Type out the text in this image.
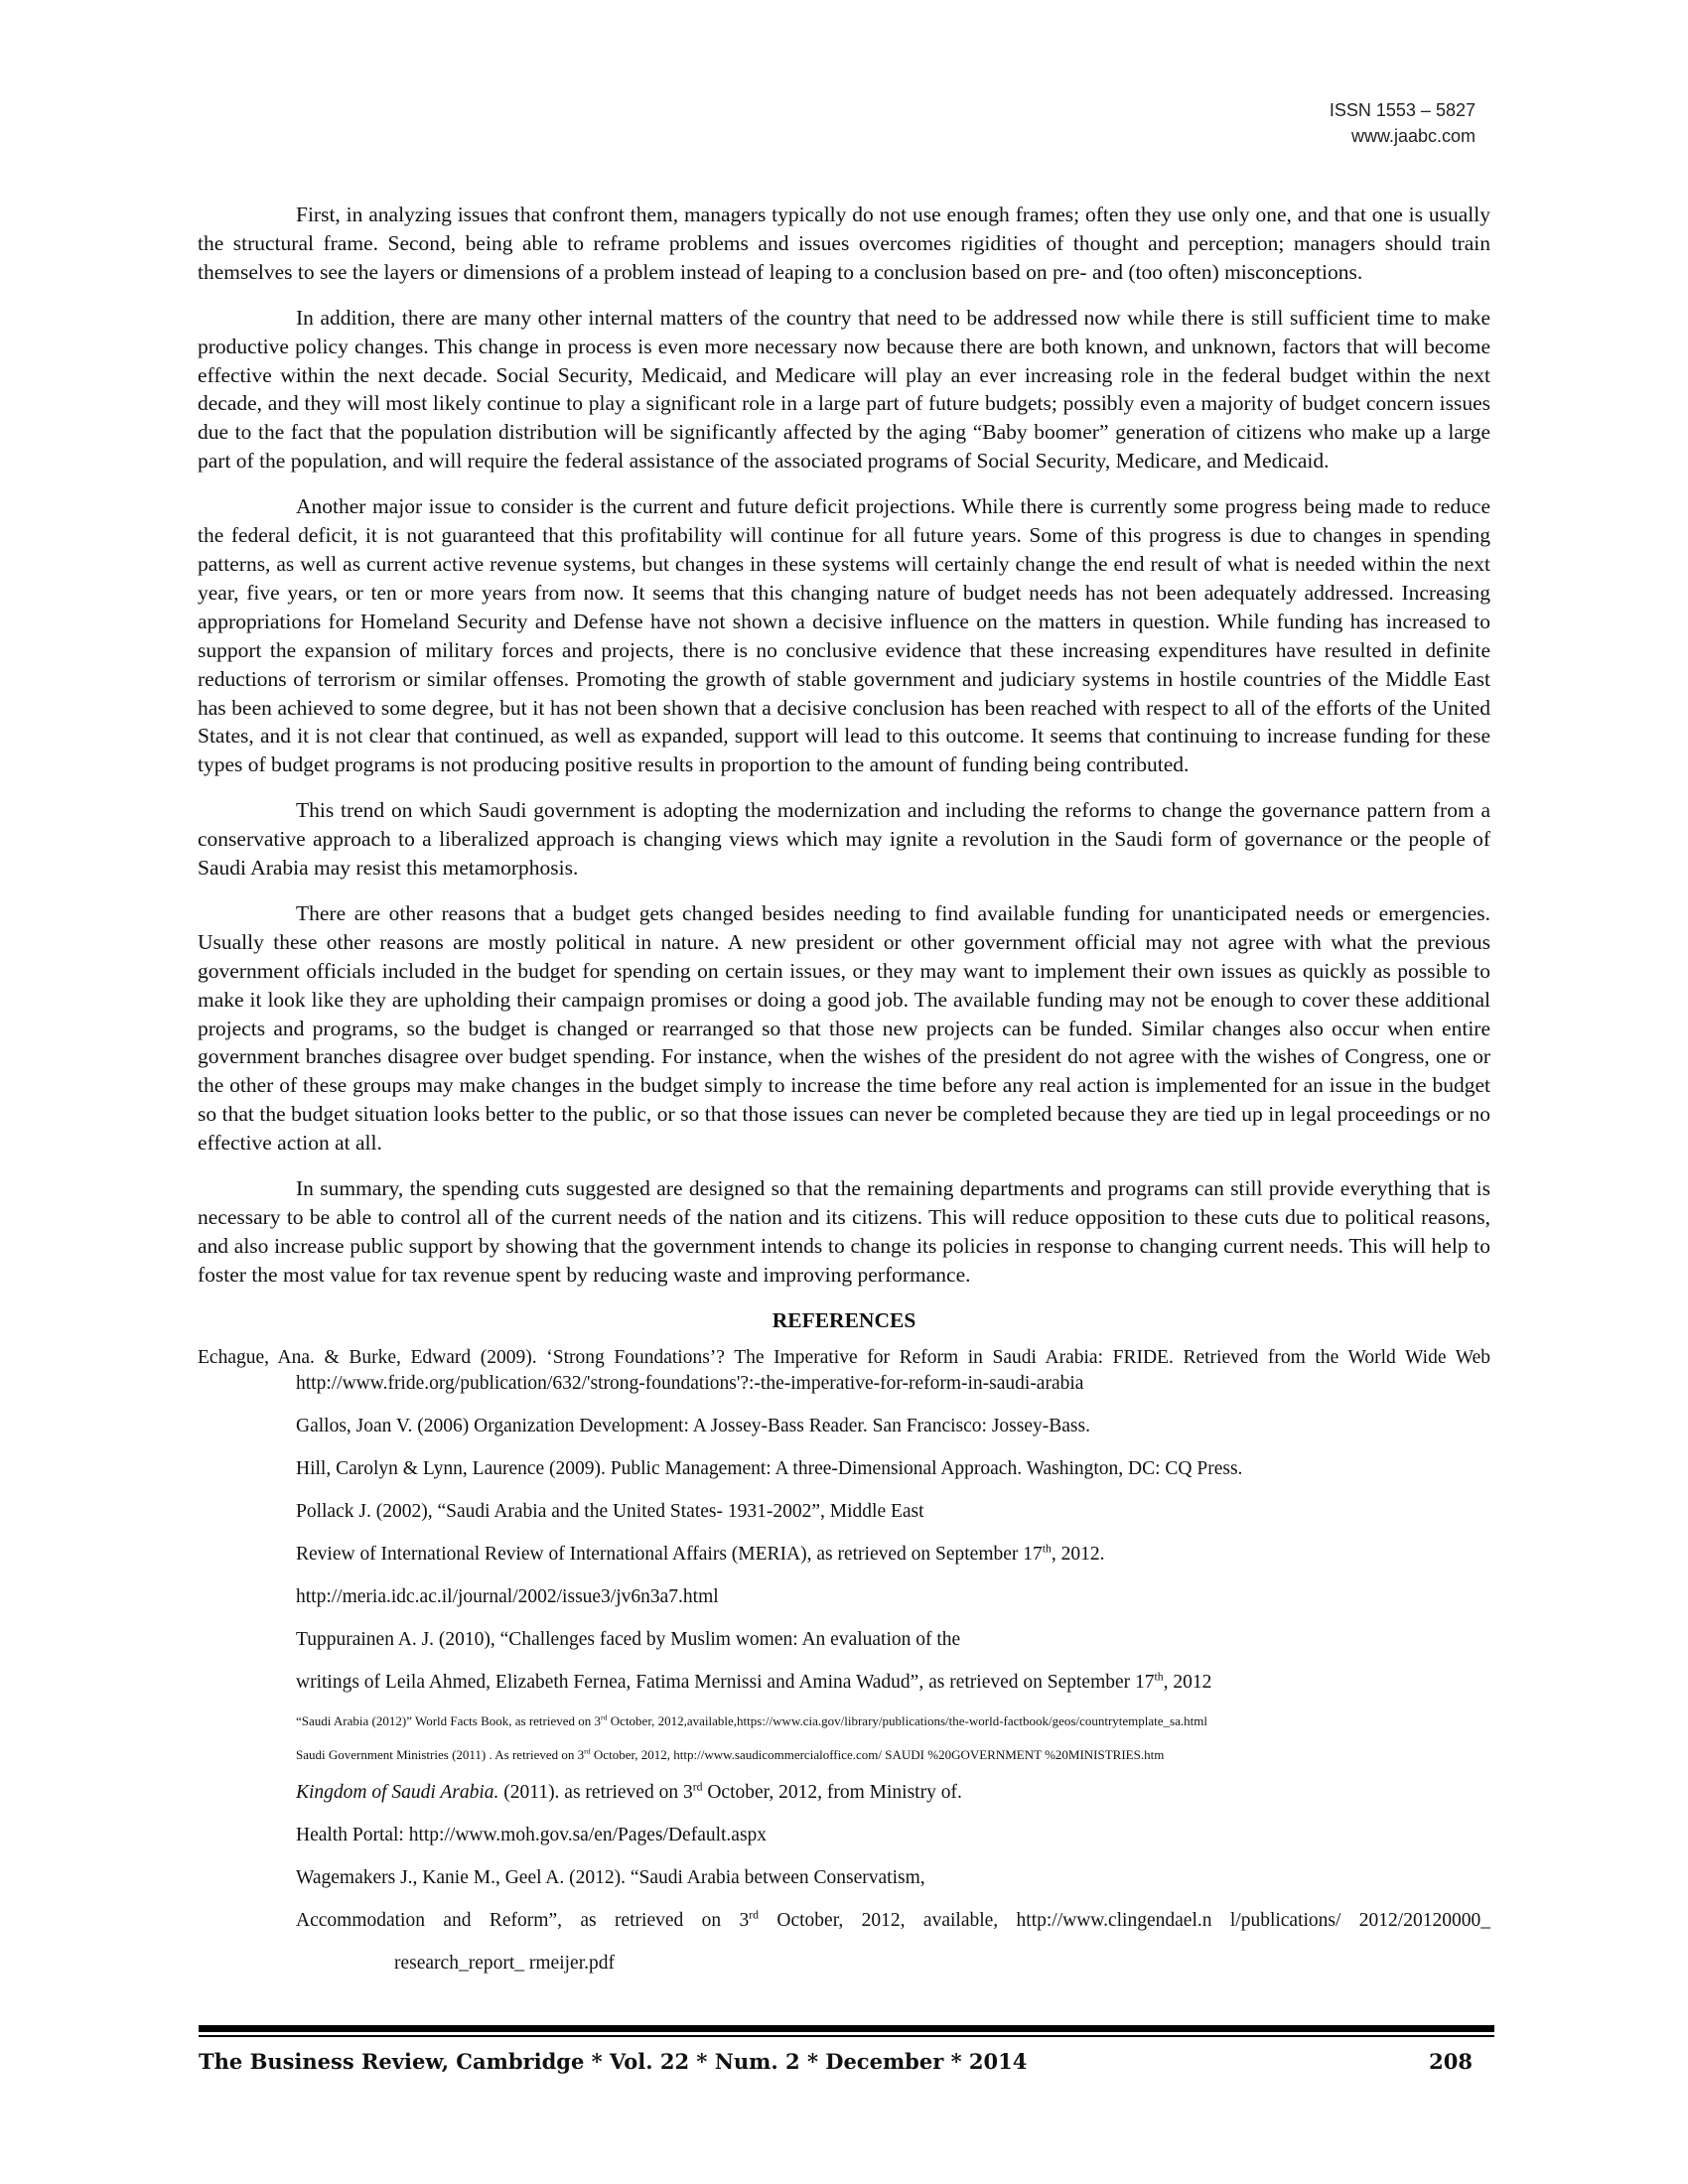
ISSN 1553 – 5827
www.jaabc.com

First, in analyzing issues that confront them, managers typically do not use enough frames; often they use only one, and that one is usually the structural frame. Second, being able to reframe problems and issues overcomes rigidities of thought and perception; managers should train themselves to see the layers or dimensions of a problem instead of leaping to a conclusion based on pre- and (too often) misconceptions.

In addition, there are many other internal matters of the country that need to be addressed now while there is still sufficient time to make productive policy changes. This change in process is even more necessary now because there are both known, and unknown, factors that will become effective within the next decade. Social Security, Medicaid, and Medicare will play an ever increasing role in the federal budget within the next decade, and they will most likely continue to play a significant role in a large part of future budgets; possibly even a majority of budget concern issues due to the fact that the population distribution will be significantly affected by the aging “Baby boomer” generation of citizens who make up a large part of the population, and will require the federal assistance of the associated programs of Social Security, Medicare, and Medicaid.

Another major issue to consider is the current and future deficit projections. While there is currently some progress being made to reduce the federal deficit, it is not guaranteed that this profitability will continue for all future years. Some of this progress is due to changes in spending patterns, as well as current active revenue systems, but changes in these systems will certainly change the end result of what is needed within the next year, five years, or ten or more years from now. It seems that this changing nature of budget needs has not been adequately addressed. Increasing appropriations for Homeland Security and Defense have not shown a decisive influence on the matters in question. While funding has increased to support the expansion of military forces and projects, there is no conclusive evidence that these increasing expenditures have resulted in definite reductions of terrorism or similar offenses. Promoting the growth of stable government and judiciary systems in hostile countries of the Middle East has been achieved to some degree, but it has not been shown that a decisive conclusion has been reached with respect to all of the efforts of the United States, and it is not clear that continued, as well as expanded, support will lead to this outcome. It seems that continuing to increase funding for these types of budget programs is not producing positive results in proportion to the amount of funding being contributed.

This trend on which Saudi government is adopting the modernization and including the reforms to change the governance pattern from a conservative approach to a liberalized approach is changing views which may ignite a revolution in the Saudi form of governance or the people of Saudi Arabia may resist this metamorphosis.

There are other reasons that a budget gets changed besides needing to find available funding for unanticipated needs or emergencies. Usually these other reasons are mostly political in nature. A new president or other government official may not agree with what the previous government officials included in the budget for spending on certain issues, or they may want to implement their own issues as quickly as possible to make it look like they are upholding their campaign promises or doing a good job. The available funding may not be enough to cover these additional projects and programs, so the budget is changed or rearranged so that those new projects can be funded. Similar changes also occur when entire government branches disagree over budget spending. For instance, when the wishes of the president do not agree with the wishes of Congress, one or the other of these groups may make changes in the budget simply to increase the time before any real action is implemented for an issue in the budget so that the budget situation looks better to the public, or so that those issues can never be completed because they are tied up in legal proceedings or no effective action at all.

In summary, the spending cuts suggested are designed so that the remaining departments and programs can still provide everything that is necessary to be able to control all of the current needs of the nation and its citizens. This will reduce opposition to these cuts due to political reasons, and also increase public support by showing that the government intends to change its policies in response to changing current needs. This will help to foster the most value for tax revenue spent by reducing waste and improving performance.

REFERENCES

Echague, Ana. & Burke, Edward (2009). ‘Strong Foundations’? The Imperative for Reform in Saudi Arabia: FRIDE. Retrieved from the World Wide Web http://www.fride.org/publication/632/'strong-foundations'?:-the-imperative-for-reform-in-saudi-arabia

Gallos, Joan V. (2006) Organization Development: A Jossey-Bass Reader. San Francisco: Jossey-Bass.

Hill, Carolyn & Lynn, Laurence (2009). Public Management: A three-Dimensional Approach. Washington, DC: CQ Press.

Pollack J. (2002), “Saudi Arabia and the United States- 1931-2002”, Middle East

Review of International Review of International Affairs (MERIA), as retrieved on September 17th, 2012.

http://meria.idc.ac.il/journal/2002/issue3/jv6n3a7.html

Tuppurainen A. J. (2010), “Challenges faced by Muslim women: An evaluation of the

writings of Leila Ahmed, Elizabeth Fernea, Fatima Mernissi and Amina Wadud”, as retrieved on September 17th, 2012

“Saudi Arabia (2012)” World Facts Book, as retrieved on 3rd October, 2012,available,https://www.cia.gov/library/publications/the-world-factbook/geos/countrytemplate_sa.html

Saudi Government Ministries (2011) . As retrieved on 3rd October, 2012, http://www.saudicommercialoffice.com/ SAUDI %20GOVERNMENT %20MINISTRIES.htm

Kingdom of Saudi Arabia. (2011). as retrieved on 3rd October, 2012, from Ministry of.

Health Portal: http://www.moh.gov.sa/en/Pages/Default.aspx

Wagemakers J., Kanie M., Geel A. (2012). “Saudi Arabia between Conservatism,

Accommodation and Reform”, as retrieved on 3rd October, 2012, available, http://www.clingendael.n l/publications/ 2012/20120000_

research_report_ rmeijer.pdf

The Business Review, Cambridge * Vol. 22 * Num. 2 * December * 2014	208
